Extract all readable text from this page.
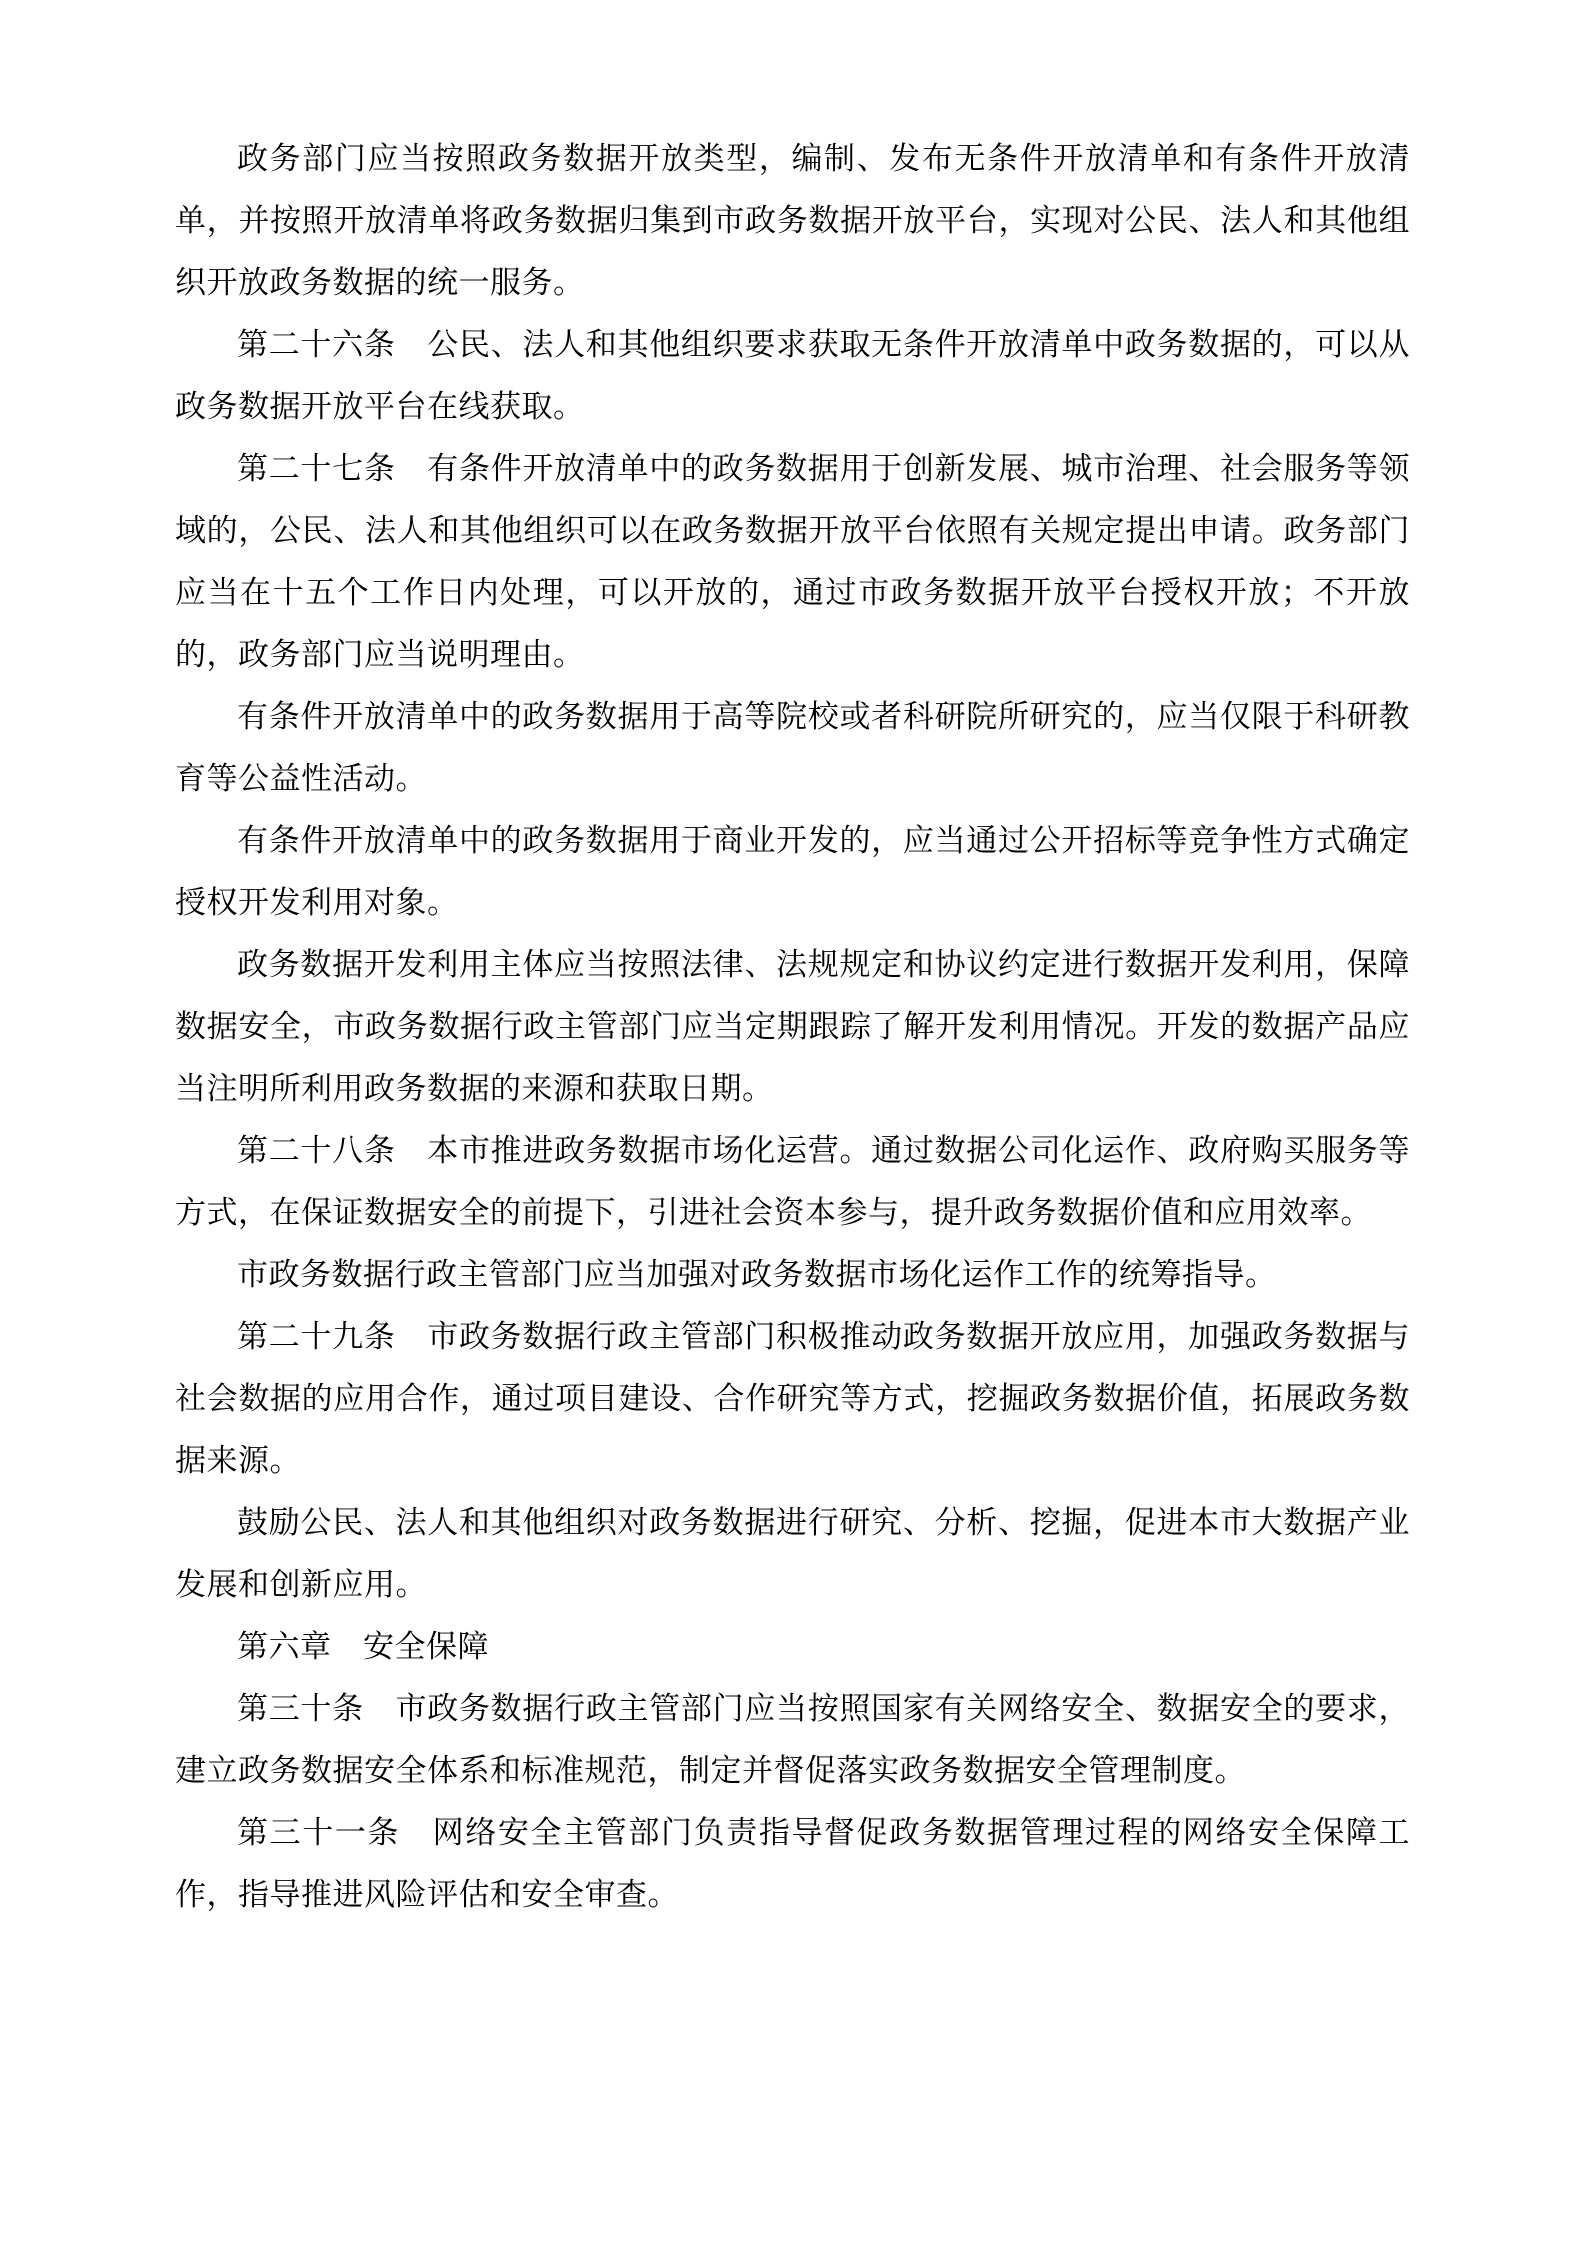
政务部门应当按照政务数据开放类型，编制、发布无条件开放清单和有条件开放清单，并按照开放清单将政务数据归集到市政务数据开放平台，实现对公民、法人和其他组织开放政务数据的统一服务。

第二十六条　公民、法人和其他组织要求获取无条件开放清单中政务数据的，可以从政务数据开放平台在线获取。

第二十七条　有条件开放清单中的政务数据用于创新发展、城市治理、社会服务等领域的，公民、法人和其他组织可以在政务数据开放平台依照有关规定提出申请。政务部门应当在十五个工作日内处理，可以开放的，通过市政务数据开放平台授权开放；不开放的，政务部门应当说明理由。

有条件开放清单中的政务数据用于高等院校或者科研院所研究的，应当仅限于科研教育等公益性活动。

有条件开放清单中的政务数据用于商业开发的，应当通过公开招标等竞争性方式确定授权开发利用对象。

政务数据开发利用主体应当按照法律、法规规定和协议约定进行数据开发利用，保障数据安全，市政务数据行政主管部门应当定期跟踪了解开发利用情况。开发的数据产品应当注明所利用政务数据的来源和获取日期。

第二十八条　本市推进政务数据市场化运营。通过数据公司化运作、政府购买服务等方式，在保证数据安全的前提下，引进社会资本参与，提升政务数据价值和应用效率。

市政务数据行政主管部门应当加强对政务数据市场化运作工作的统筹指导。

第二十九条　市政务数据行政主管部门积极推动政务数据开放应用，加强政务数据与社会数据的应用合作，通过项目建设、合作研究等方式，挖掘政务数据价值，拓展政务数据来源。

鼓励公民、法人和其他组织对政务数据进行研究、分析、挖掘，促进本市大数据产业发展和创新应用。

第六章　安全保障

第三十条　市政务数据行政主管部门应当按照国家有关网络安全、数据安全的要求，建立政务数据安全体系和标准规范，制定并督促落实政务数据安全管理制度。

第三十一条　网络安全主管部门负责指导督促政务数据管理过程的网络安全保障工作，指导推进风险评估和安全审查。
